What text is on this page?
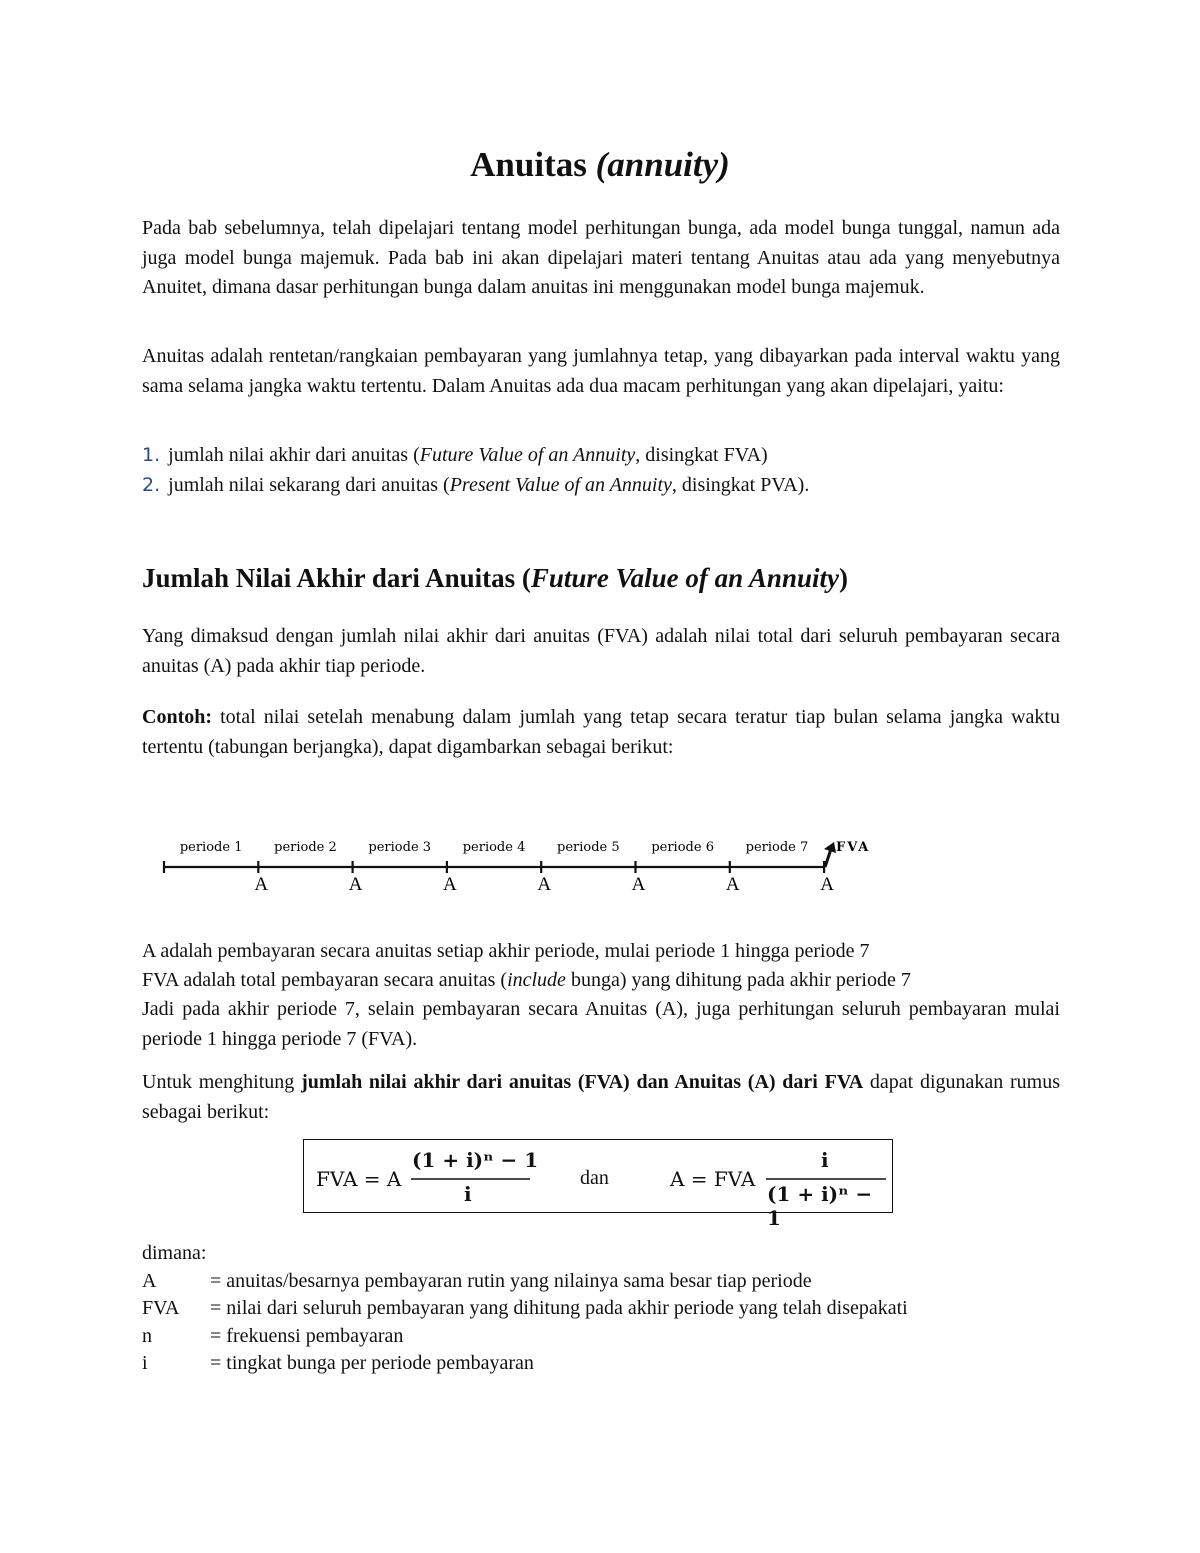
Anuitas (annuity)
Pada bab sebelumnya, telah dipelajari tentang model perhitungan bunga, ada model bunga tunggal, namun ada juga model bunga majemuk. Pada bab ini akan dipelajari materi tentang Anuitas atau ada yang menyebutnya Anuitet, dimana dasar perhitungan bunga dalam anuitas ini menggunakan model bunga majemuk.
Anuitas adalah rentetan/rangkaian pembayaran yang jumlahnya tetap, yang dibayarkan pada interval waktu yang sama selama jangka waktu tertentu. Dalam Anuitas ada dua macam perhitungan yang akan dipelajari, yaitu:
1. jumlah nilai akhir dari anuitas (Future Value of an Annuity, disingkat FVA)
2. jumlah nilai sekarang dari anuitas (Present Value of an Annuity, disingkat PVA).
Jumlah Nilai Akhir dari Anuitas (Future Value of an Annuity)
Yang dimaksud dengan jumlah nilai akhir dari anuitas (FVA) adalah nilai total dari seluruh pembayaran secara anuitas (A) pada akhir tiap periode.
Contoh: total nilai setelah menabung dalam jumlah yang tetap secara teratur tiap bulan selama jangka waktu tertentu (tabungan berjangka), dapat digambarkan sebagai berikut:
periode 1 periode 2 periode 3 periode 4 periode 5 periode 6 periode 7
A	A	A	A	A	A	A
FVA
A adalah pembayaran secara anuitas setiap akhir periode, mulai periode 1 hingga periode 7
FVA adalah total pembayaran secara anuitas (include bunga) yang dihitung pada akhir periode 7
Jadi pada akhir periode 7, selain pembayaran secara Anuitas (A), juga perhitungan seluruh pembayaran mulai periode 1 hingga periode 7 (FVA).
Untuk menghitung jumlah nilai akhir dari anuitas (FVA) dan Anuitas (A) dari FVA dapat digunakan rumus sebagai berikut:
FVA = A
(1 + i)ⁿ − 1
i
dan	A = FVA
i
(1 + i)ⁿ − 1
dimana:
A	= anuitas/besarnya pembayaran rutin yang nilainya sama besar tiap periode
FVA = nilai dari seluruh pembayaran yang dihitung pada akhir periode yang telah disepakati
n	= frekuensi pembayaran
i	= tingkat bunga per periode pembayaran
